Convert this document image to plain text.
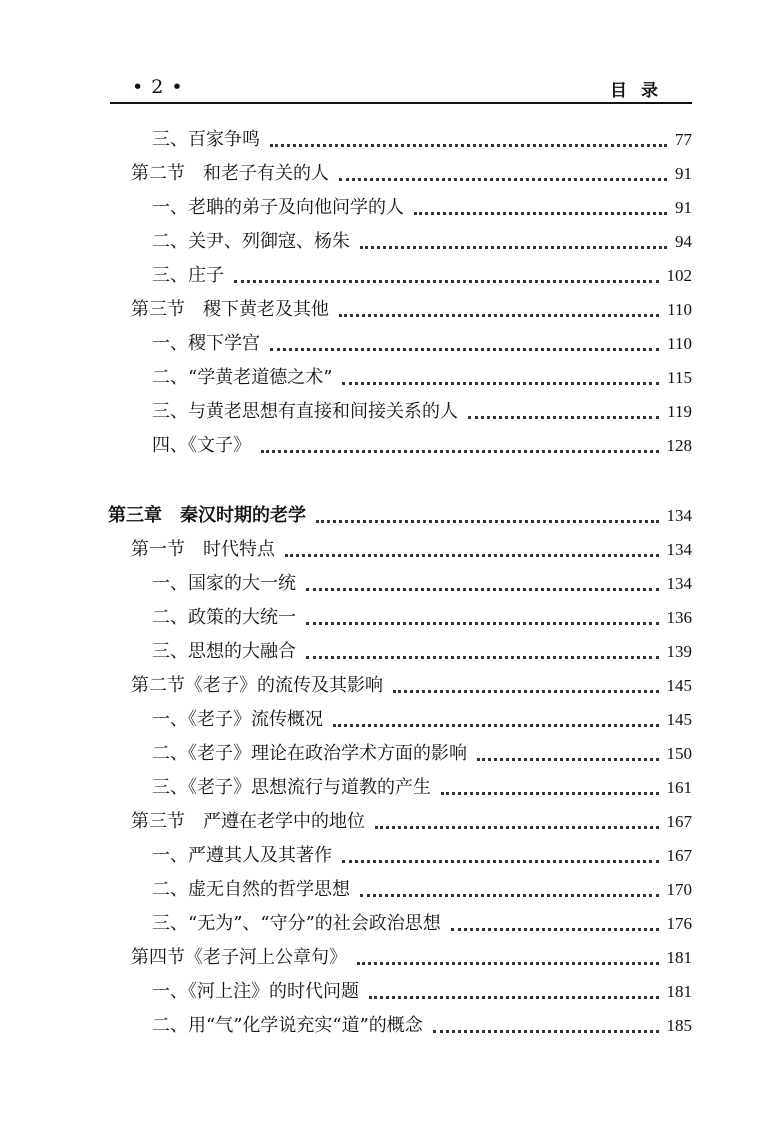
• 2 •	目录
三、百家争鸣	77
第二节　和老子有关的人	91
一、老聃的弟子及向他问学的人	91
二、关尹、列御寇、杨朱	94
三、庄子	102
第三节　稷下黄老及其他	110
一、稷下学宫	110
二、“学黄老道德之术”	115
三、与黄老思想有直接和间接关系的人	119
四、《文子》	128
第三章　秦汉时期的老学	134
第一节　时代特点	134
一、国家的大一统	134
二、政策的大统一	136
三、思想的大融合	139
第二节《老子》的流传及其影响	145
一、《老子》流传概况	145
二、《老子》理论在政治学术方面的影响	150
三、《老子》思想流行与道教的产生	161
第三节　严遵在老学中的地位	167
一、严遵其人及其著作	167
二、虚无自然的哲学思想	170
三、“无为”、“守分”的社会政治思想	176
第四节《老子河上公章句》	181
一、《河上注》的时代问题	181
二、用“气”化学说充实“道”的概念	185
